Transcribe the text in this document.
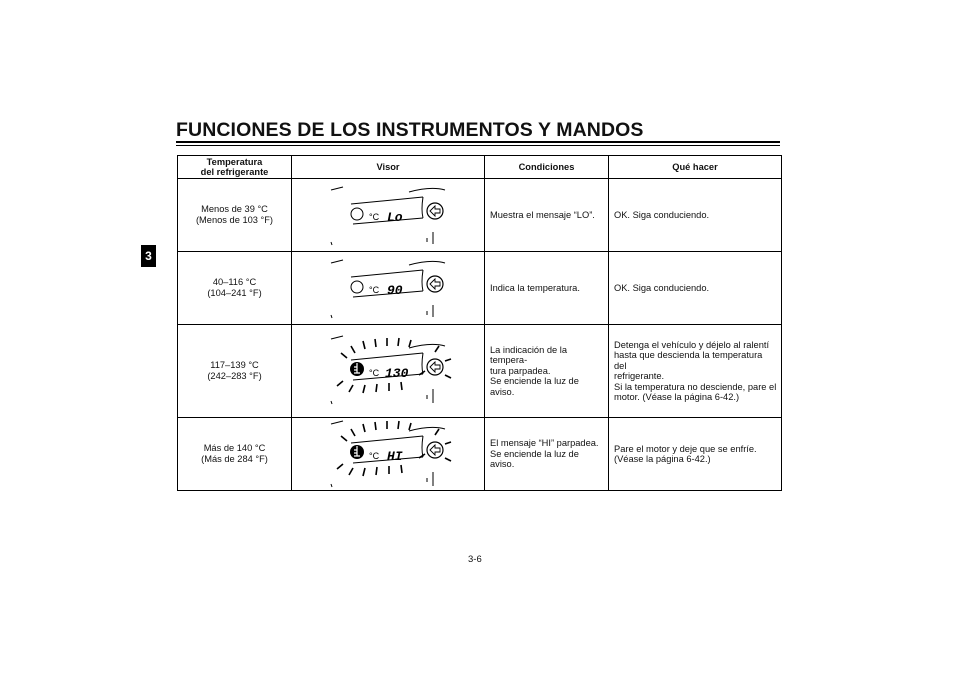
FUNCIONES DE LOS INSTRUMENTOS Y MANDOS
3
Temperatura
del refrigerante	Visor	Condiciones	Qué hacer

Menos de 39 °C
(Menos de 103 °F)	°C Lo	Muestra el mensaje “LO”.	OK. Siga conduciendo.

40–116 °C
(104–241 °F)	°C 90	Indica la temperatura.	OK. Siga conduciendo.

117–139 °C
(242–283 °F)	°C 130	La indicación de la tempera-
tura parpadea.
Se enciende la luz de aviso.	Detenga el vehículo y déjelo al ralentí
hasta que descienda la temperatura del
refrigerante.
Si la temperatura no desciende, pare el
motor. (Véase la página 6-42.)

Más de 140 °C
(Más de 284 °F)	°C HI	El mensaje “HI” parpadea.
Se enciende la luz de aviso.	Pare el motor y deje que se enfríe.
(Véase la página 6-42.)
3-6
